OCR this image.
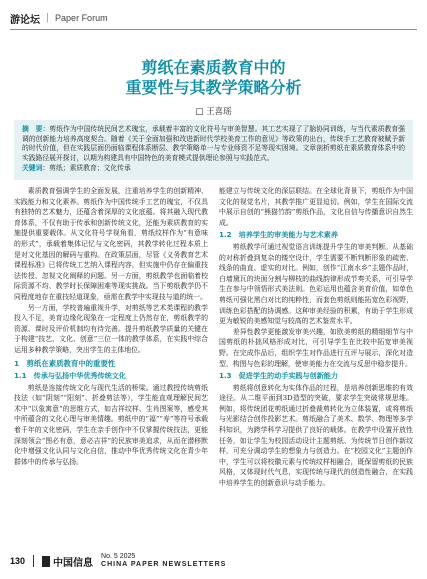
游论坛 | Paper Forum
剪纸在素质教育中的
重要性与其教学策略分析
□ 王喜瑶

摘　要：剪纸作为中国传统民间艺术瑰宝，承载着丰富的文化符号与审美智慧。其工艺实现了了脑协同训练，与当代素质教育强调的创新能力培养高度契合。随着《关于全面加强和改进新时代学校美育工作的意见》等政策的出台，传统手工艺教育被赋予新的时代价值，但在实践层面仍面临课程体系断层、教学策略单一与专业师资不足等现实困境。文章剖析剪纸在素质教育体系中的实践路径展开探讨，以期为构建具有中国特色的美育模式提供理论参照与实践范式。

关键词：剪纸；素质教育；文化传承

素质教育强调学生的全面发展，注重培养学生的创新精神、实践能力和文化素养。剪纸作为中国传统手工艺的瑰宝，不仅具有独特的艺术魅力，还蕴含着深厚的文化底蕴。将其融入现代教育体系，不仅有助于传承和创新传统文化，还能为素质教育的实施提供重要载体。从文化符号学视角看，剪纸纹样作为“有意味的形式”，承载着集体记忆与文化密码，其教学转化过程本质上是对文化基因的解码与重构。在政策层面，尽管《义务教育艺术课程标准》已将传统工艺纳入课程内容，但实施中仍存在偏重技法传授、忽视文化阐释的问题。另一方面，剪纸教学也面临着校际资源不均、教学时长保障困难等现实挑战。当下剪纸教学仍不同程度地存在重技轻道现象，亟需在教学中实现技与道的统一。

另一方面，学校普遍重视升学，对剪纸等艺术类课程的教学投入不足，美育边缘化现象在一定程度上仍然存在，剪纸教学的资源、课时及评价机制均有待完善。提升剪纸教学质量的关键在于构建“技艺、文化、创意”三位一体的教学体系，在实践中综合运用多种教学策略，突出学生的主体地位。

1　剪纸在素质教育中的重要性
1.1　传承与弘扬中华优秀传统文化

剪纸是连接传统文化与现代生活的桥梁。通过教授传统剪纸技法（如“阴刻”“阳刻”、折叠剪法等），学生能直观理解民间艺术中“以象寓意”的思维方式，如吉祥纹样、生肖图案等，感受其中所蕴含的文化心理与审美情趣。剪纸中的“福”“寿”等符号承载着千年的文化密码，学生在亲手创作中不仅掌握传统技法，更能深刻领会“图必有意，意必吉祥”的民族审美追求，从而在潜移默化中增强文化认同与文化自信，推动中华优秀传统文化在青少年群体中的传承与弘扬。

能建立与传统文化的深层联结。在全球化背景下，剪纸作为中国文化的视觉名片，其教学推广更显迫切。例如，学生在国际交流中展示自创的“熊猫竹韵”剪纸作品，文化自信与传播意识自然生成。

1.2　培养学生的审美能力与艺术素养

剪纸教学可通过视觉语言训练提升学生的审美判断。从基础的对称折叠到复杂的镂空设计，学生需要不断判断形象的疏密、线条的曲直、虚实的对比。例如，创作“江南水乡”主题作品时，白墙黛瓦的块面分割与柳枝的曲线韵律形成节奏关系，可引导学生在参与中领悟形式美法则。色彩运用也蕴含美育价值，如单色剪纸可强化黑白对比的纯粹性，而套色剪纸则能拓宽色彩视野，训练色彩搭配的协调感。这种审美经验的积累，有助于学生形成更为敏锐的美感知觉与较高的艺术鉴赏水平。

差异性教学更能激发审美兴趣，如欧美剪纸的精细细节与中国剪纸的朴拙风格形成对比，可引导学生在比较中拓宽审美视野。在完成作品后，组织学生对作品进行互评与展示，深化对造型、构图与色彩的理解，使审美能力在交流与反思中稳步提升。

1.3　促进学生的动手实践与创新能力

剪纸将创意转化为实体作品的过程，是培养创新思维的有效途径。从二维平面到3D造型的突破，要求学生突破常规思维。例如，将传统团花剪纸通过折叠裁剪转化为立体装置，或将剪纸与光影结合创作投影艺术。剪纸融合了美术、数学、物理等多学科知识，为跨学科学习提供了良好的载体。在教学中设置开放性任务，如让学生为校园活动设计主题剪纸、为传统节日创作新纹样，可充分调动学生的想象力与创造力。在“校园文化”主题创作中，学生可以将校徽元素与传统纹样相融合，既保留剪纸的民族风格，又体现时代气息，实现传统与现代的创造性融合，在实践中培养学生的创新意识与动手能力。

130	中国信息
No. 5 2025
CHINA PAPER NEWSLETTERS
